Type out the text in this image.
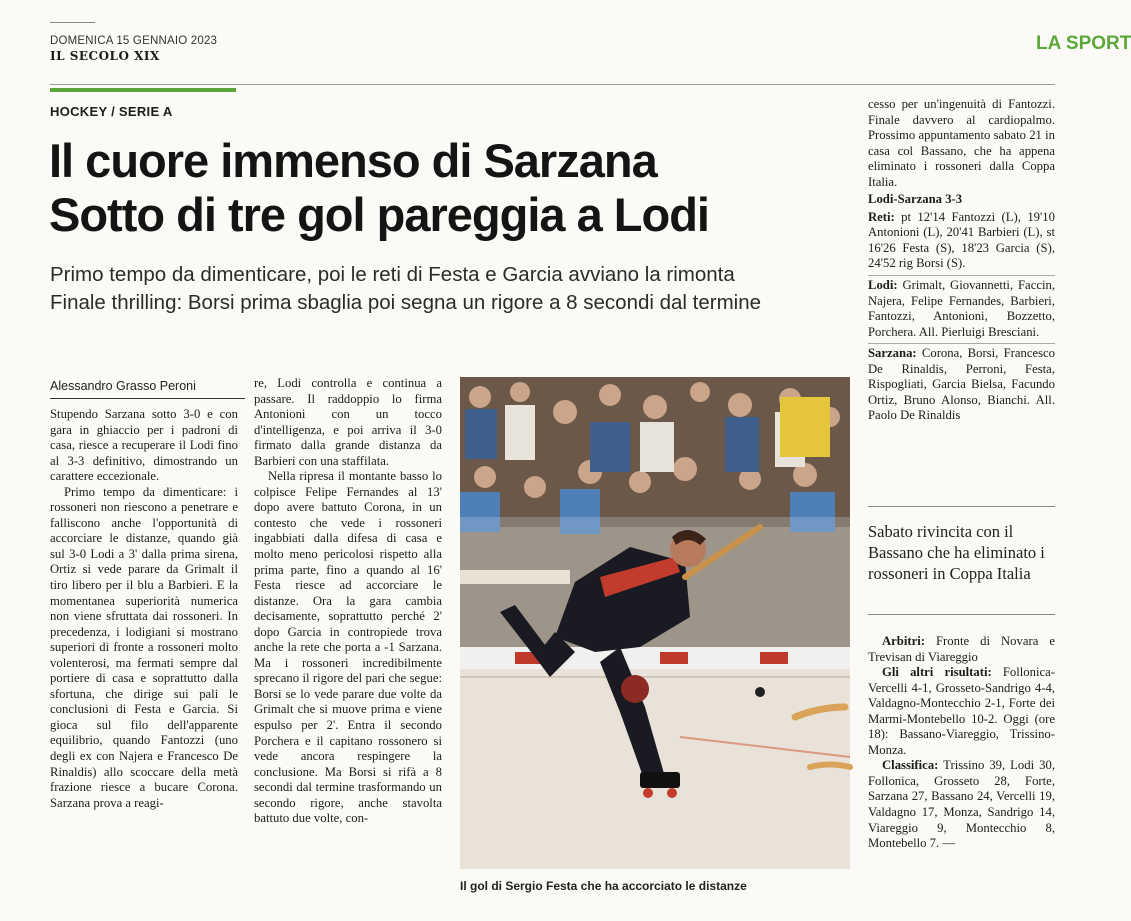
DOMENICA 15 GENNAIO 2023
IL SECOLO XIX
LA SPORT
HOCKEY / SERIE A
Il cuore immenso di Sarzana
Sotto di tre gol pareggia a Lodi
Primo tempo da dimenticare, poi le reti di Festa e Garcia avviano la rimonta
Finale thrilling: Borsi prima sbaglia poi segna un rigore a 8 secondi dal termine
Alessandro Grasso Peroni

Stupendo Sarzana sotto 3-0 e con gara in ghiaccio per i padroni di casa, riesce a recuperare il Lodi fino al 3-3 definitivo, dimostrando un carattere eccezionale.

Primo tempo da dimenticare: i rossoneri non riescono a penetrare e falliscono anche l'opportunità di accorciare le distanze, quando già sul 3-0 Lodi a 3' dalla prima sirena, Ortiz si vede parare da Grimalt il tiro libero per il blu a Barbieri. E la momentanea superiorità numerica non viene sfruttata dai rossoneri. In precedenza, i lodigiani si mostrano superiori di fronte a rossoneri molto volenterosi, ma fermati sempre dal portiere di casa e soprattutto dalla sfortuna, che dirige sui pali le conclusioni di Festa e Garcia. Si gioca sul filo dell'apparente equilibrio, quando Fantozzi (uno degli ex con Najera e Francesco De Rinaldis) allo scoccare della metà frazione riesce a bucare Corona. Sarzana prova a reagi-

re, Lodi controlla e continua a passare. Il raddoppio lo firma Antonioni con un tocco d'intelligenza, e poi arriva il 3-0 firmato dalla grande distanza da Barbieri con una staffilata.

Nella ripresa il montante basso lo colpisce Felipe Fernandes al 13' dopo avere battuto Corona, in un contesto che vede i rossoneri ingabbiati dalla difesa di casa e molto meno pericolosi rispetto alla prima parte, fino a quando al 16' Festa riesce ad accorciare le distanze. Ora la gara cambia decisamente, soprattutto perché 2' dopo Garcia in contropiede trova anche la rete che porta a -1 Sarzana. Ma i rossoneri incredibilmente sprecano il rigore del pari che segue: Borsi se lo vede parare due volte da Grimalt che si muove prima e viene espulso per 2'. Entra il secondo Porchera e il capitano rossonero si vede ancora respingere la conclusione. Ma Borsi si rifà a 8 secondi dal termine trasformando un secondo rigore, anche stavolta battuto due volte, con-

Il gol di Sergio Festa che ha accorciato le distanze

cesso per un'ingenuità di Fantozzi. Finale davvero al cardiopalmo. Prossimo appuntamento sabato 21 in casa col Bassano, che ha appena eliminato i rossoneri dalla Coppa Italia.

Lodi-Sarzana 3-3

Reti: pt 12'14 Fantozzi (L), 19'10 Antonioni (L), 20'41 Barbieri (L), st 16'26 Festa (S), 18'23 Garcia (S), 24'52 rig Borsi (S).

Lodi: Grimalt, Giovannetti, Faccin, Najera, Felipe Fernandes, Barbieri, Fantozzi, Antonioni, Bozzetto, Porchera. All. Pierluigi Bresciani.

Sarzana: Corona, Borsi, Francesco De Rinaldis, Perroni, Festa, Rispogliati, Garcia Bielsa, Facundo Ortiz, Bruno Alonso, Bianchi. All. Paolo De Rinaldis

Sabato rivincita con il Bassano che ha eliminato i rossoneri in Coppa Italia

Arbitri: Fronte di Novara e Trevisan di Viareggio

Gli altri risultati: Follonica-Vercelli 4-1, Grosseto-Sandrigo 4-4, Valdagno-Montecchio 2-1, Forte dei Marmi-Montebello 10-2. Oggi (ore 18): Bassano-Viareggio, Trissino-Monza.

Classifica: Trissino 39, Lodi 30, Follonica, Grosseto 28, Forte, Sarzana 27, Bassano 24, Vercelli 19, Valdagno 17, Monza, Sandrigo 14, Viareggio 9, Montecchio 8, Montebello 7. —
